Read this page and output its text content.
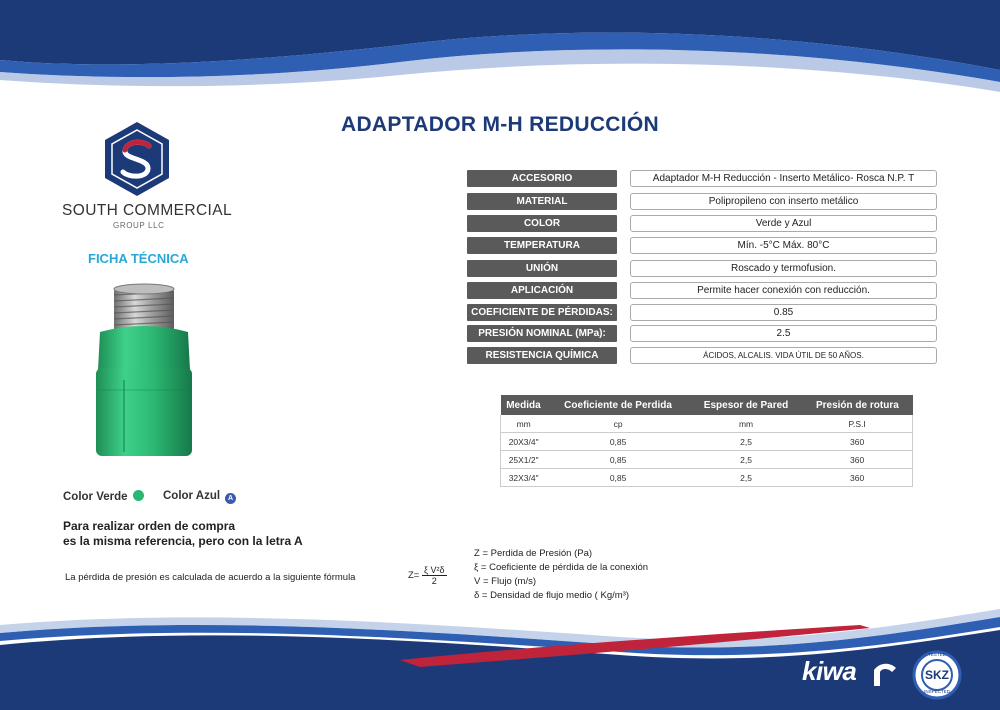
SOUTH COMMERCIAL
GROUP LLC
ADAPTADOR M-H REDUCCIÓN
FICHA TÉCNICA
ACCESORIO	Adaptador M-H Reducción - Inserto Metálico- Rosca N.P. T
MATERIAL	Polipropileno con inserto metálico
COLOR	Verde y Azul
TEMPERATURA	Mín. -5°C Máx. 80°C
UNIÓN	Roscado y termofusion.
APLICACIÓN	Permite hacer conexión con reducción.
COEFICIENTE DE PÉRDIDAS:	0.85
PRESIÓN NOMINAL (MPa):	2.5
RESISTENCIA QUÍMICA	ÁCIDOS, ALCALIS. VIDA ÚTIL DE 50 AÑOS.
Medida	Coeficiente de Perdida	Espesor de Pared	Presión de rotura
mm	cp	mm	P.S.I
20X3/4"	0,85	2,5	360
25X1/2"	0,85	2,5	360
32X3/4"	0,85	2,5	360
Color Verde	Color Azul A
Para realizar orden de compra
es la misma referencia, pero con la letra A
La pérdida de presión es calculada de acuerdo a la siguiente fórmula	$Z= \frac{\text{ξ V²δ}}{2}$
Z = Perdida de Presión (Pa)
ξ = Coeficiente de pérdida de la conexión
V = Flujo (m/s)
δ = Densidad de flujo medio ( Kg/m³)
kiwa	SKZ
TESTED
INSPECTED
